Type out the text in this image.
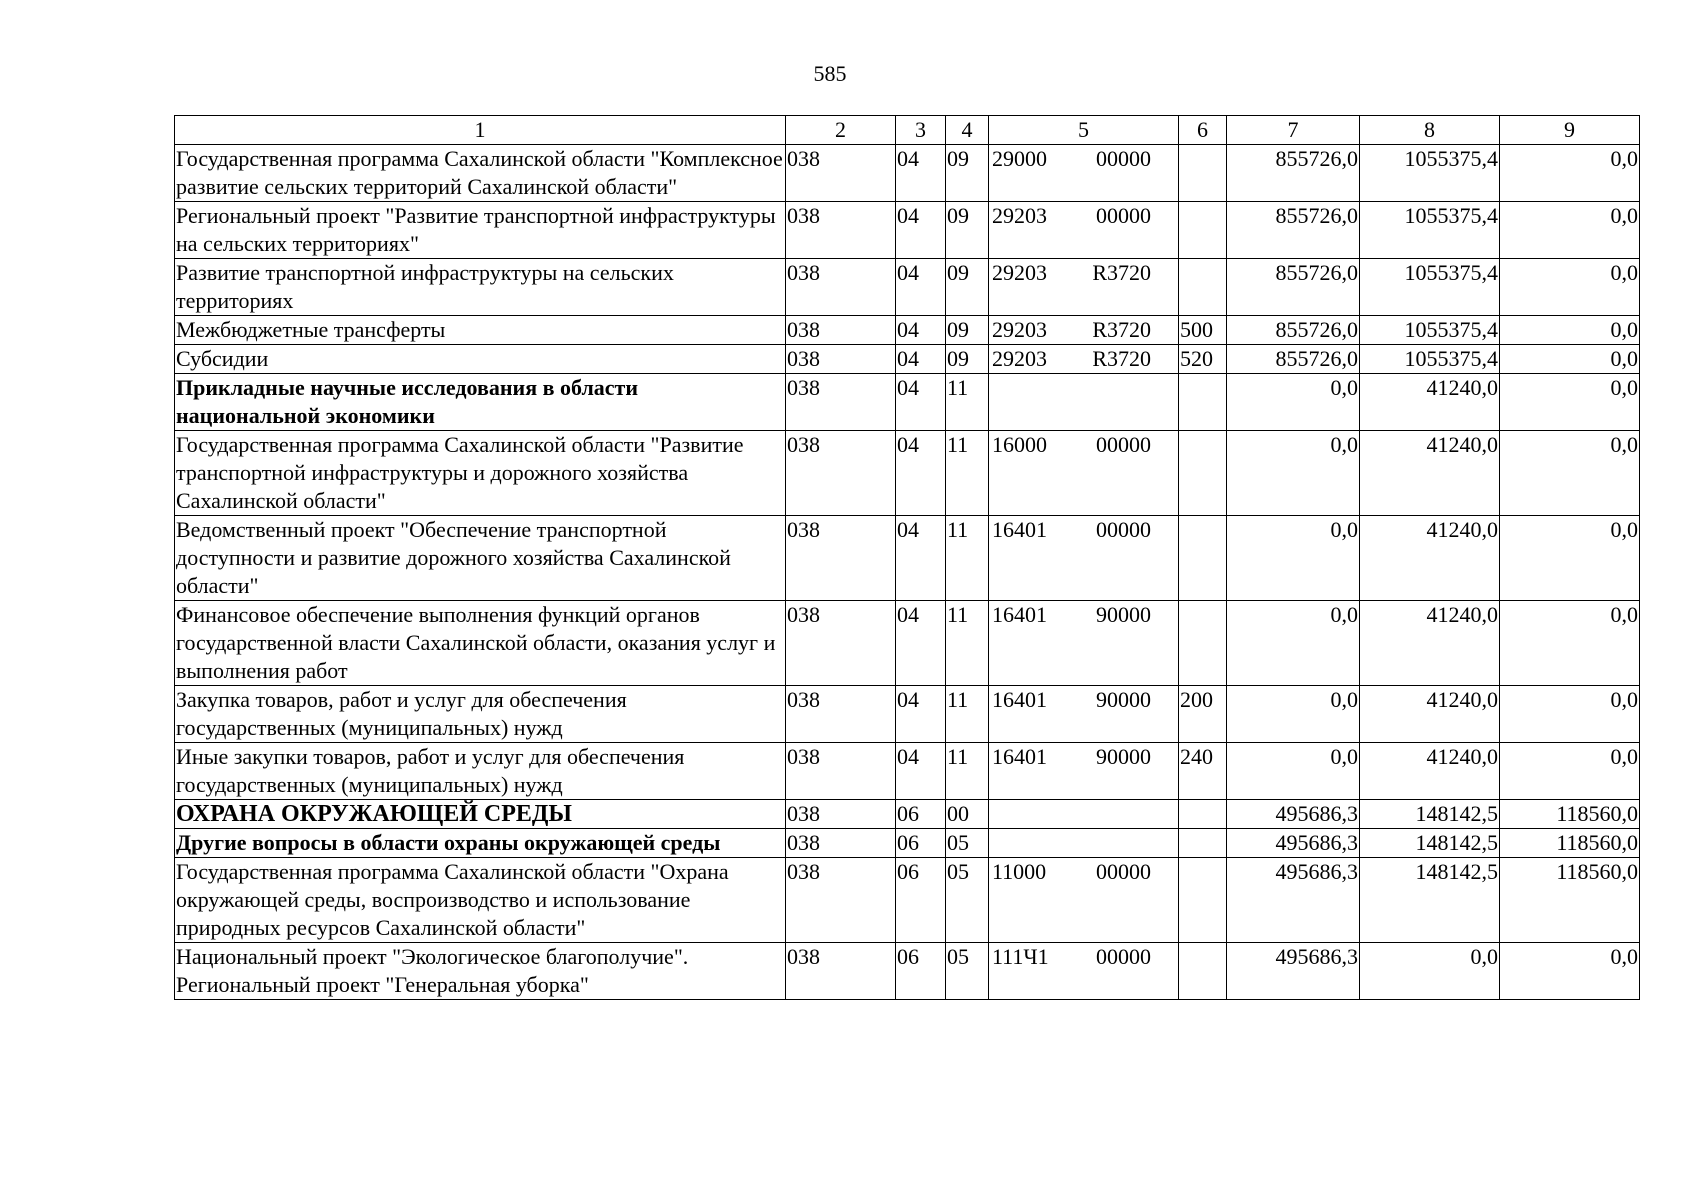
585
1	2	3	4	5	6	7	8	9
Государственная программа Сахалинской области "Комплексное развитие сельских территорий Сахалинской области"	038	04	09	29000 00000		855726,0	1055375,4	0,0
Региональный проект "Развитие транспортной инфраструктуры на сельских территориях"	038	04	09	29203 00000		855726,0	1055375,4	0,0
Развитие транспортной инфраструктуры на сельских территориях	038	04	09	29203 R3720		855726,0	1055375,4	0,0
Межбюджетные трансферты	038	04	09	29203 R3720	500	855726,0	1055375,4	0,0
Субсидии	038	04	09	29203 R3720	520	855726,0	1055375,4	0,0
Прикладные научные исследования в области национальной экономики	038	04	11			0,0	41240,0	0,0
Государственная программа Сахалинской области "Развитие транспортной инфраструктуры и дорожного хозяйства Сахалинской области"	038	04	11	16000 00000		0,0	41240,0	0,0
Ведомственный проект "Обеспечение транспортной доступности и развитие дорожного хозяйства Сахалинской области"	038	04	11	16401 00000		0,0	41240,0	0,0
Финансовое обеспечение выполнения функций органов государственной власти Сахалинской области, оказания услуг и выполнения работ	038	04	11	16401 90000		0,0	41240,0	0,0
Закупка товаров, работ и услуг для обеспечения государственных (муниципальных) нужд	038	04	11	16401 90000	200	0,0	41240,0	0,0
Иные закупки товаров, работ и услуг для обеспечения государственных (муниципальных) нужд	038	04	11	16401 90000	240	0,0	41240,0	0,0
ОХРАНА ОКРУЖАЮЩЕЙ СРЕДЫ	038	06	00			495686,3	148142,5	118560,0
Другие вопросы в области охраны окружающей среды	038	06	05			495686,3	148142,5	118560,0
Государственная программа Сахалинской области "Охрана окружающей среды, воспроизводство и использование природных ресурсов Сахалинской области"	038	06	05	11000 00000		495686,3	148142,5	118560,0
Национальный проект "Экологическое благополучие". Региональный проект "Генеральная уборка"	038	06	05	111Ч1 00000		495686,3	0,0	0,0
